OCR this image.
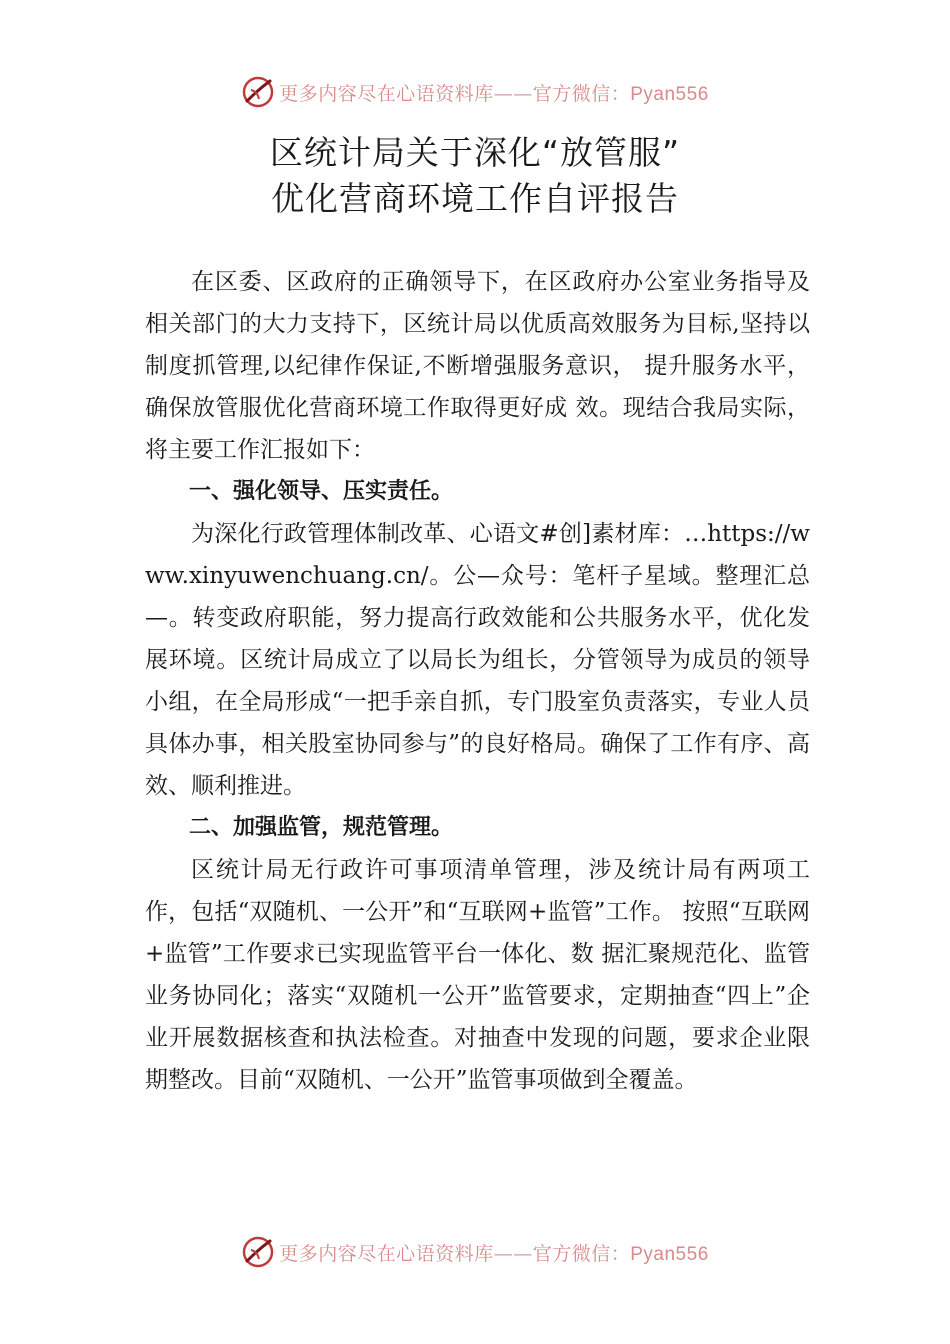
更多内容尽在心语资料库——官方微信：Pyan556
区统计局关于深化“放管服”
优化营商环境工作自评报告

在区委、区政府的正确领导下，在区政府办公室业务指导及相关部门的大力支持下，区统计局以优质高效服务为目标,坚持以制度抓管理,以纪律作保证,不断增强服务意识， 提升服务水平，确保放管服优化营商环境工作取得更好成 效。现结合我局实际，将主要工作汇报如下：

一、强化领导、压实责任。

为深化行政管理体制改革、心语文#创]素材库：…https://www.xinyuwenchuang.cn/。公—众号：笔杆子星域。整理汇总—。转变政府职能，努力提高行政效能和公共服务水平，优化发展环境。区统计局成立了以局长为组长，分管领导为成员的领导小组，在全局形成“一把手亲自抓，专门股室负责落实，专业人员具体办事，相关股室协同参与”的良好格局。确保了工作有序、高效、顺利推进。

二、加强监管，规范管理。

区统计局无行政许可事项清单管理，涉及统计局有两项工作，包括“双随机、一公开”和“互联网+监管”工作。 按照“互联网+监管”工作要求已实现监管平台一体化、数 据汇聚规范化、监管业务协同化；落实“双随机一公开”监管要求，定期抽查“四上”企业开展数据核查和执法检查。对抽查中发现的问题，要求企业限期整改。目前“双随机、一公开”监管事项做到全覆盖。

更多内容尽在心语资料库——官方微信：Pyan556
